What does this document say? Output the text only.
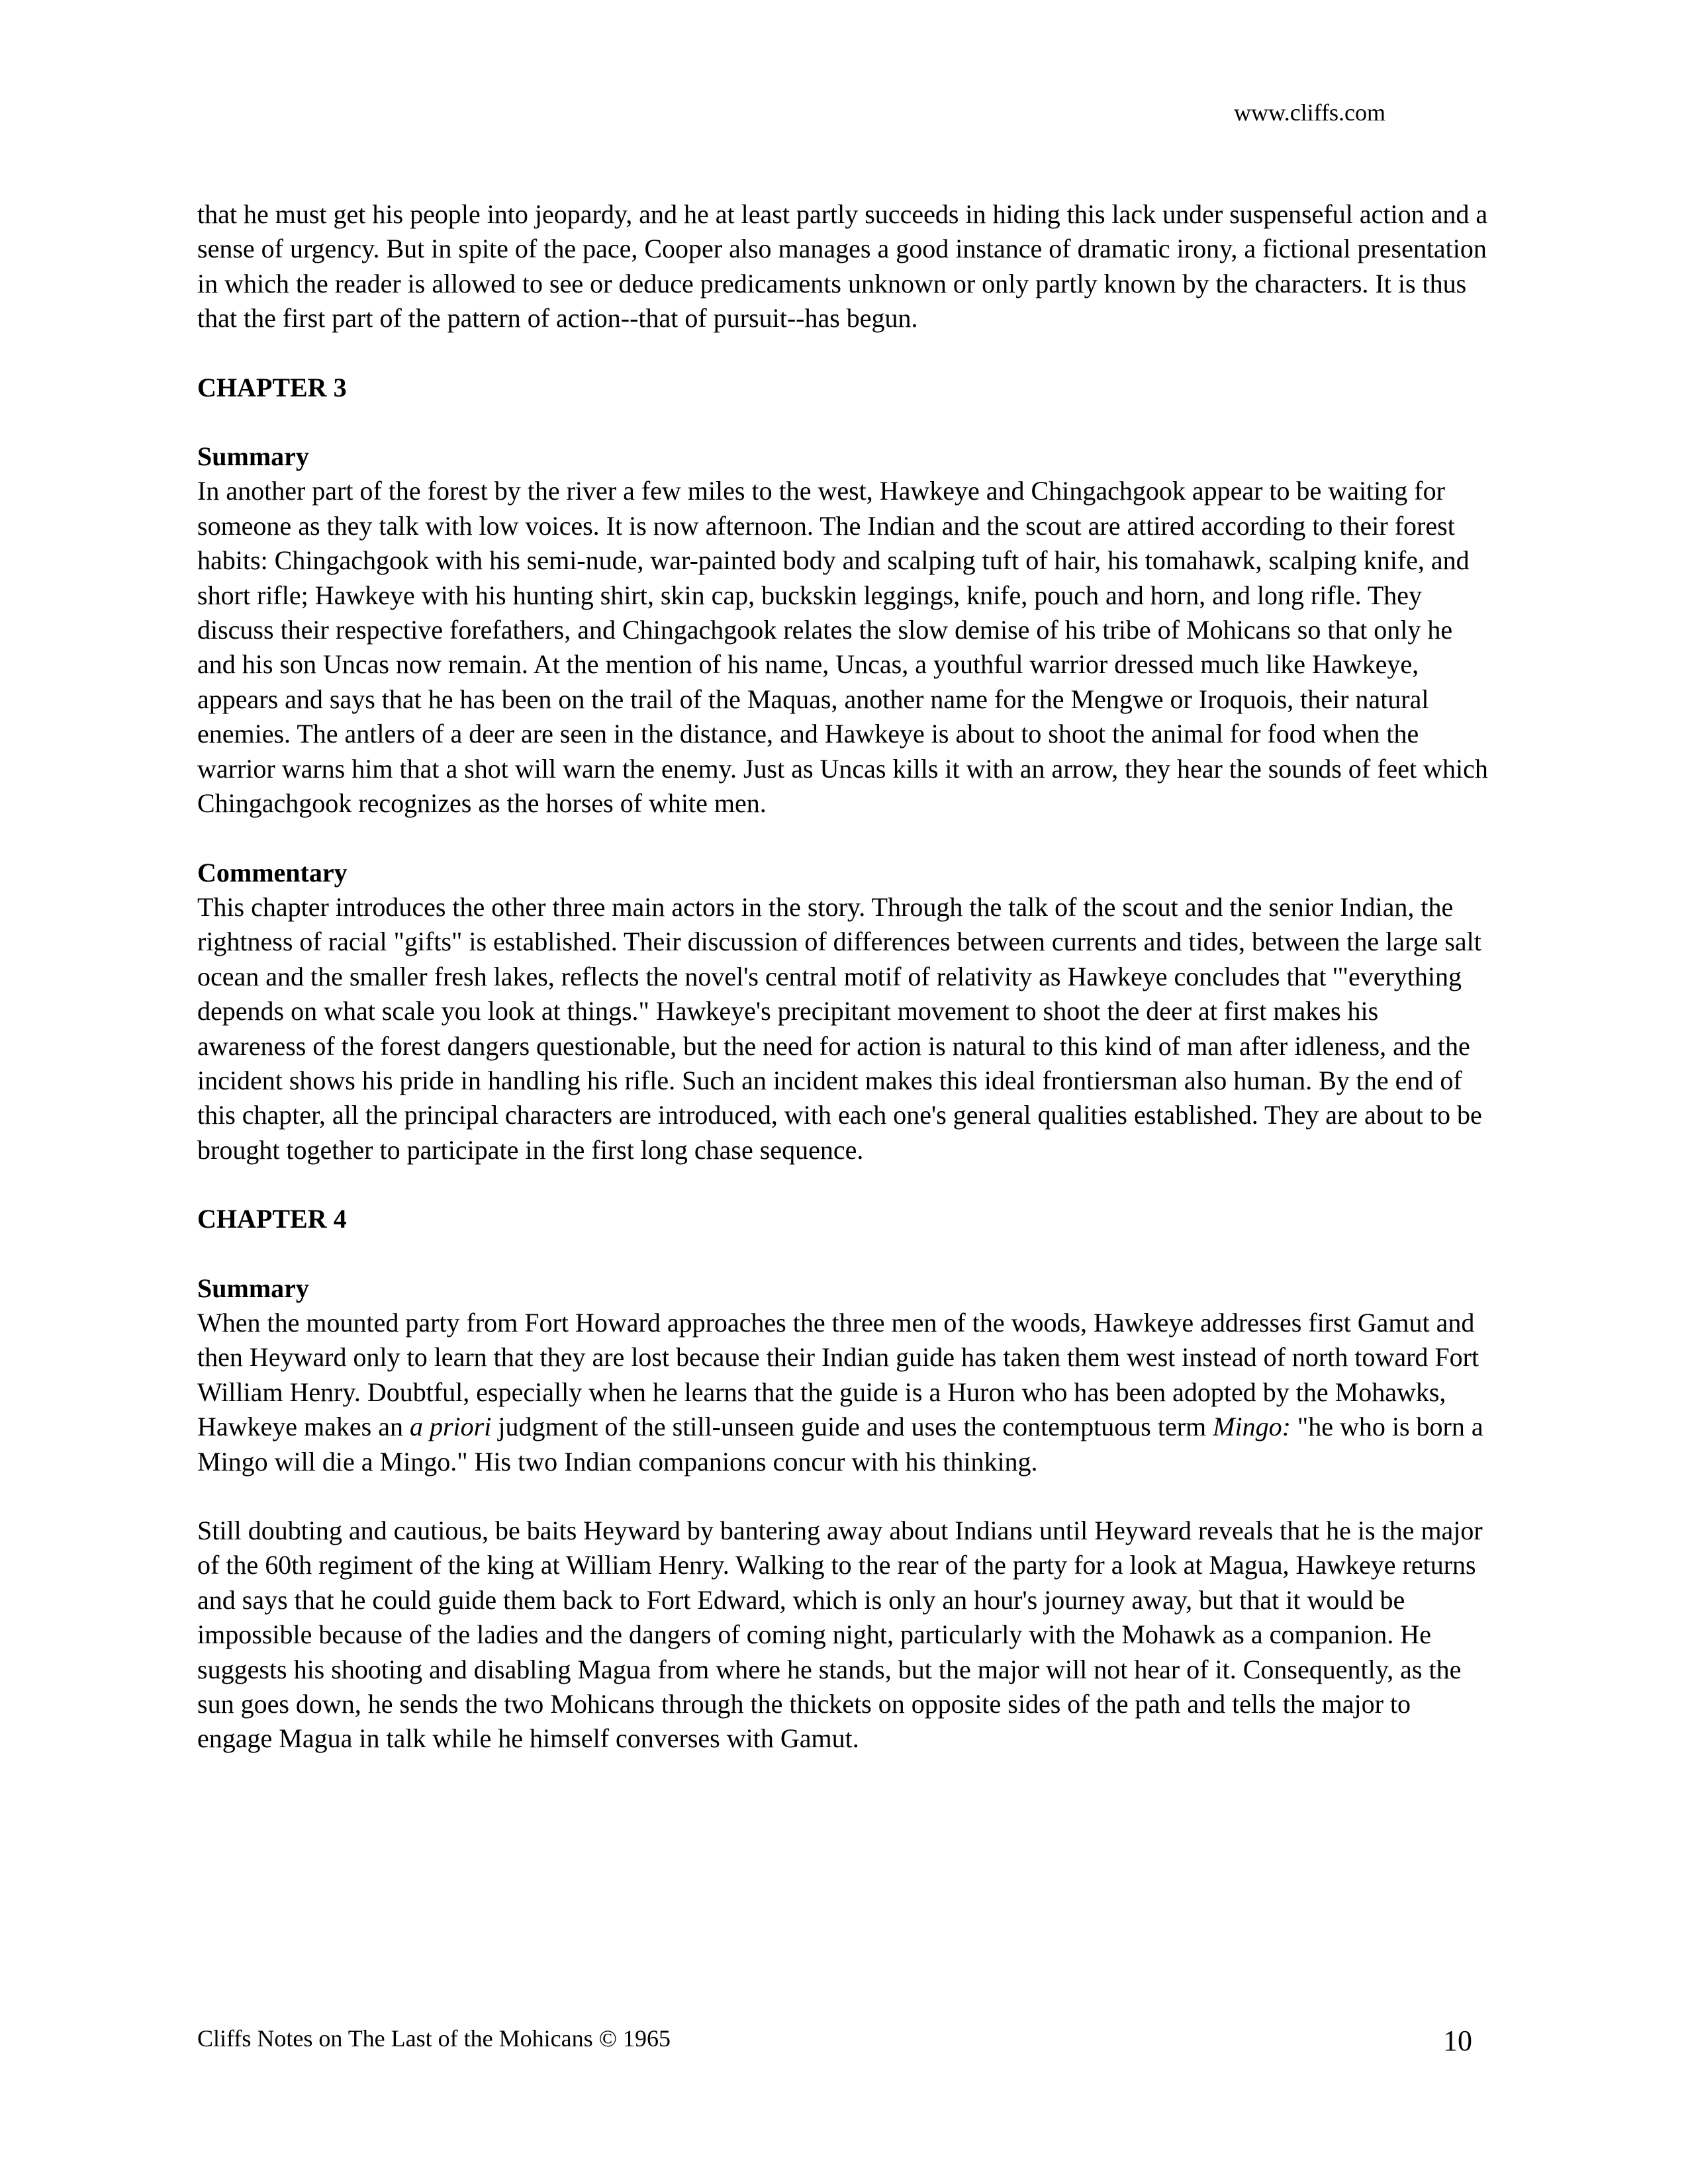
www.cliffs.com

that he must get his people into jeopardy, and he at least partly succeeds in hiding this lack under suspenseful action and a sense of urgency. But in spite of the pace, Cooper also manages a good instance of dramatic irony, a fictional presentation in which the reader is allowed to see or deduce predicaments unknown or only partly known by the characters. It is thus that the first part of the pattern of action--that of pursuit--has begun.

CHAPTER 3

Summary

In another part of the forest by the river a few miles to the west, Hawkeye and Chingachgook appear to be waiting for someone as they talk with low voices. It is now afternoon. The Indian and the scout are attired according to their forest habits: Chingachgook with his semi-nude, war-painted body and scalping tuft of hair, his tomahawk, scalping knife, and short rifle; Hawkeye with his hunting shirt, skin cap, buckskin leggings, knife, pouch and horn, and long rifle. They discuss their respective forefathers, and Chingachgook relates the slow demise of his tribe of Mohicans so that only he and his son Uncas now remain. At the mention of his name, Uncas, a youthful warrior dressed much like Hawkeye, appears and says that he has been on the trail of the Maquas, another name for the Mengwe or Iroquois, their natural enemies. The antlers of a deer are seen in the distance, and Hawkeye is about to shoot the animal for food when the warrior warns him that a shot will warn the enemy. Just as Uncas kills it with an arrow, they hear the sounds of feet which Chingachgook recognizes as the horses of white men.

Commentary

This chapter introduces the other three main actors in the story. Through the talk of the scout and the senior Indian, the rightness of racial "gifts" is established. Their discussion of differences between currents and tides, between the large salt ocean and the smaller fresh lakes, reflects the novel's central motif of relativity as Hawkeye concludes that '"everything depends on what scale you look at things." Hawkeye's precipitant movement to shoot the deer at first makes his awareness of the forest dangers questionable, but the need for action is natural to this kind of man after idleness, and the incident shows his pride in handling his rifle. Such an incident makes this ideal frontiersman also human. By the end of this chapter, all the principal characters are introduced, with each one's general qualities established. They are about to be brought together to participate in the first long chase sequence.

CHAPTER 4

Summary

When the mounted party from Fort Howard approaches the three men of the woods, Hawkeye addresses first Gamut and then Heyward only to learn that they are lost because their Indian guide has taken them west instead of north toward Fort William Henry. Doubtful, especially when he learns that the guide is a Huron who has been adopted by the Mohawks, Hawkeye makes an a priori judgment of the still-unseen guide and uses the contemptuous term Mingo: "he who is born a Mingo will die a Mingo." His two Indian companions concur with his thinking.

Still doubting and cautious, be baits Heyward by bantering away about Indians until Heyward reveals that he is the major of the 60th regiment of the king at William Henry. Walking to the rear of the party for a look at Magua, Hawkeye returns and says that he could guide them back to Fort Edward, which is only an hour's journey away, but that it would be impossible because of the ladies and the dangers of coming night, particularly with the Mohawk as a companion. He suggests his shooting and disabling Magua from where he stands, but the major will not hear of it. Consequently, as the sun goes down, he sends the two Mohicans through the thickets on opposite sides of the path and tells the major to engage Magua in talk while he himself converses with Gamut.

Cliffs Notes on The Last of the Mohicans © 1965	10
